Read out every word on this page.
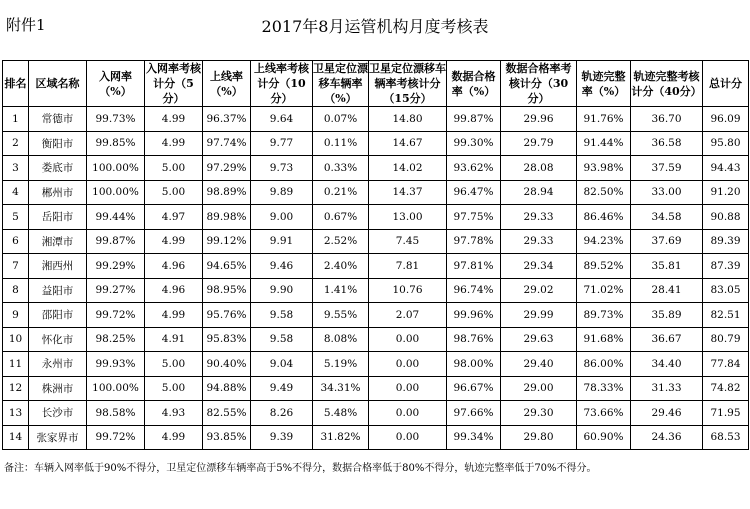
附件1	2017年8月运管机构月度考核表
排名	区域名称	入网率（%）	入网率考核计分（5分）	上线率（%）	上线率考核计分（10分）	卫星定位漂移车辆率（%）	卫星定位漂移车辆率考核计分（15分）	数据合格率（%）	数据合格率考核计分（30分）	轨迹完整率（%）	轨迹完整考核计分（40分）	总计分
1	常德市	99.73%	4.99	96.37%	9.64	0.07%	14.80	99.87%	29.96	91.76%	36.70	96.09
2	衡阳市	99.85%	4.99	97.74%	9.77	0.11%	14.67	99.30%	29.79	91.44%	36.58	95.80
3	娄底市	100.00%	5.00	97.29%	9.73	0.33%	14.02	93.62%	28.08	93.98%	37.59	94.43
4	郴州市	100.00%	5.00	98.89%	9.89	0.21%	14.37	96.47%	28.94	82.50%	33.00	91.20
5	岳阳市	99.44%	4.97	89.98%	9.00	0.67%	13.00	97.75%	29.33	86.46%	34.58	90.88
6	湘潭市	99.87%	4.99	99.12%	9.91	2.52%	7.45	97.78%	29.33	94.23%	37.69	89.39
7	湘西州	99.29%	4.96	94.65%	9.46	2.40%	7.81	97.81%	29.34	89.52%	35.81	87.39
8	益阳市	99.27%	4.96	98.95%	9.90	1.41%	10.76	96.74%	29.02	71.02%	28.41	83.05
9	邵阳市	99.72%	4.99	95.76%	9.58	9.55%	2.07	99.96%	29.99	89.73%	35.89	82.51
10	怀化市	98.25%	4.91	95.83%	9.58	8.08%	0.00	98.76%	29.63	91.68%	36.67	80.79
11	永州市	99.93%	5.00	90.40%	9.04	5.19%	0.00	98.00%	29.40	86.00%	34.40	77.84
12	株洲市	100.00%	5.00	94.88%	9.49	34.31%	0.00	96.67%	29.00	78.33%	31.33	74.82
13	长沙市	98.58%	4.93	82.55%	8.26	5.48%	0.00	97.66%	29.30	73.66%	29.46	71.95
14	张家界市	99.72%	4.99	93.85%	9.39	31.82%	0.00	99.34%	29.80	60.90%	24.36	68.53
备注：车辆入网率低于90%不得分，卫星定位漂移车辆率高于5%不得分，数据合格率低于80%不得分，轨迹完整率低于70%不得分。
